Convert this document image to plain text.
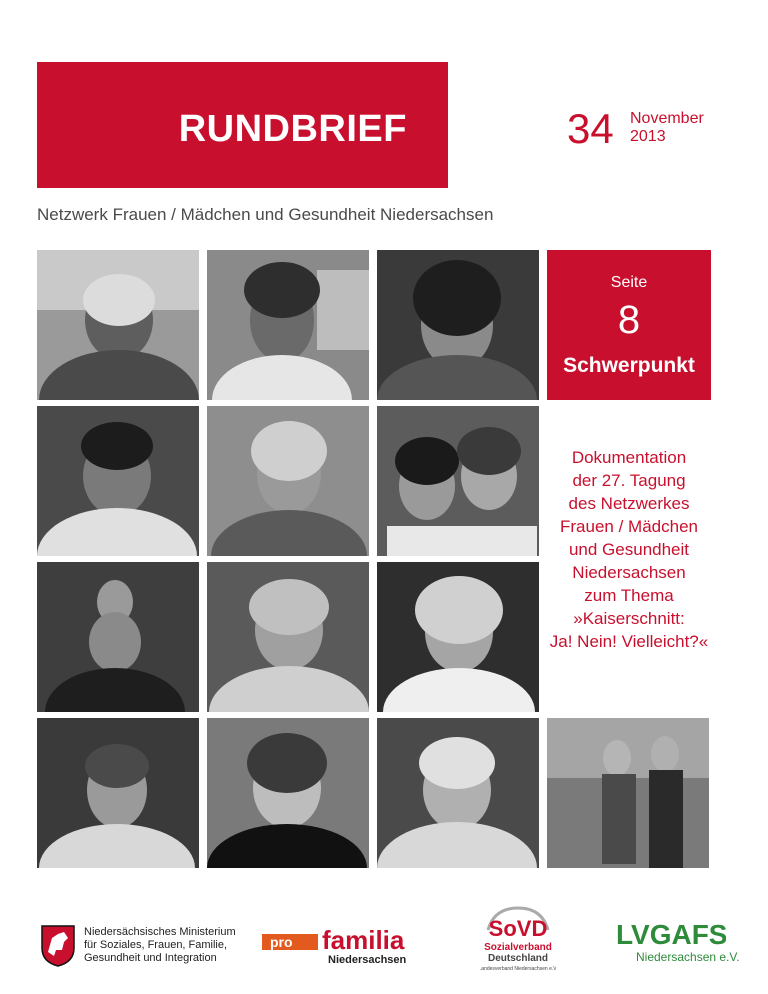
RUNDBRIEF	34 November
2013
Netzwerk Frauen / Mädchen und Gesundheit Niedersachsen
Seite
8
Schwerpunkt
Dokumentation
der 27. Tagung
des Netzwerkes
Frauen / Mädchen
und Gesundheit
Niedersachsen
zum Thema
»Kaiserschnitt:
Ja! Nein! Vielleicht?«
Niedersächsisches Ministerium
für Soziales, Frauen, Familie,
Gesundheit und Integration
pro familia
Niedersachsen
SoVD
Sozialverband
Deutschland
Landesverband Niedersachsen e.V.
LVGAFS
Niedersachsen e.V.
